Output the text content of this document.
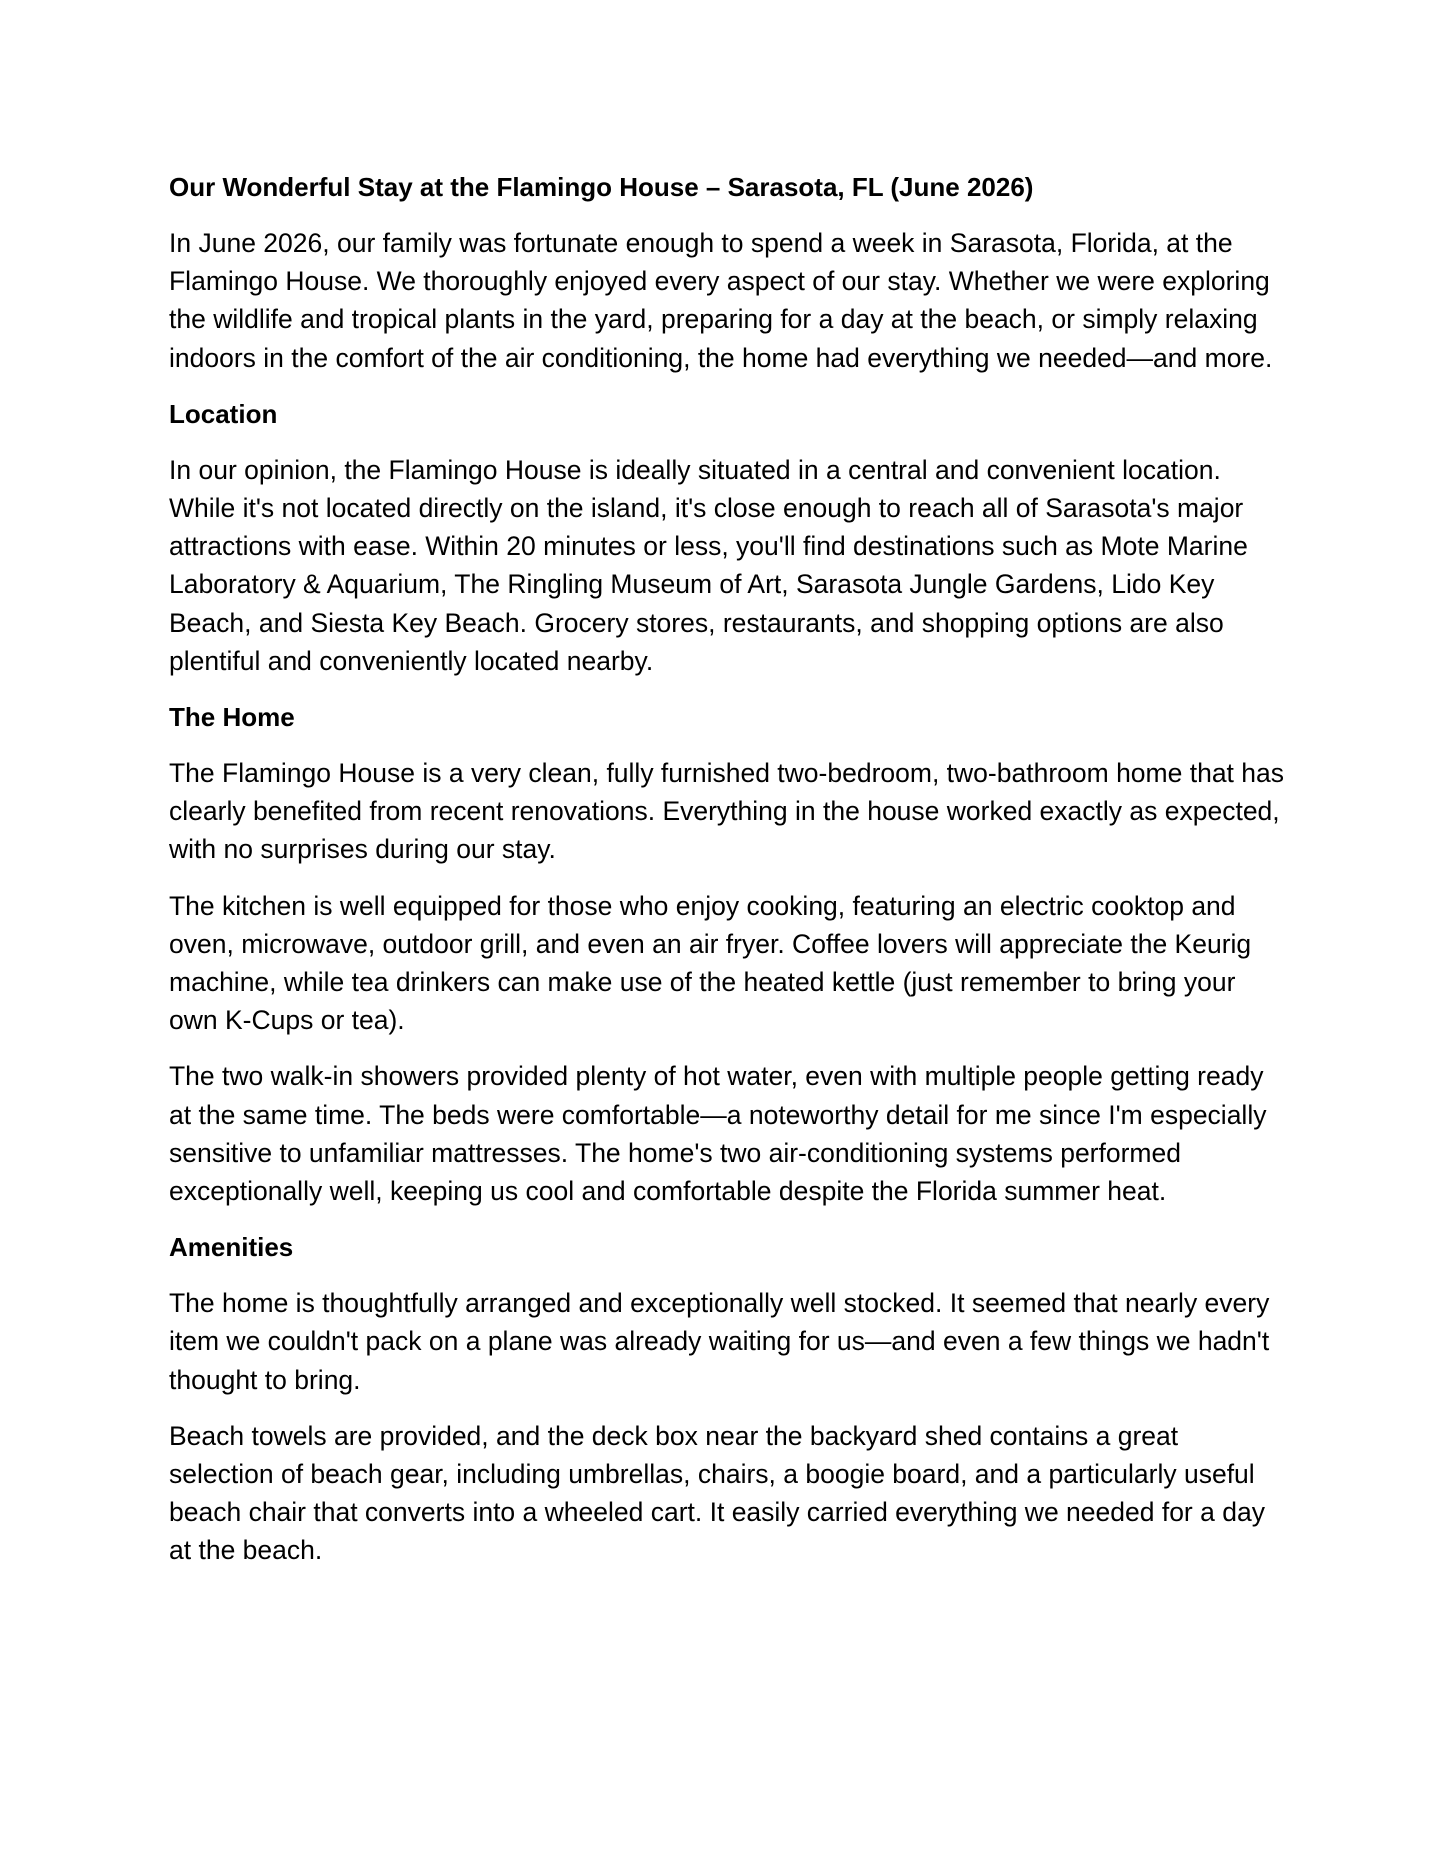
Our Wonderful Stay at the Flamingo House – Sarasota, FL (June 2026)

In June 2026, our family was fortunate enough to spend a week in Sarasota, Florida, at the Flamingo House. We thoroughly enjoyed every aspect of our stay. Whether we were exploring the wildlife and tropical plants in the yard, preparing for a day at the beach, or simply relaxing indoors in the comfort of the air conditioning, the home had everything we needed—and more.

Location

In our opinion, the Flamingo House is ideally situated in a central and convenient location. While it's not located directly on the island, it's close enough to reach all of Sarasota's major attractions with ease. Within 20 minutes or less, you'll find destinations such as Mote Marine Laboratory & Aquarium, The Ringling Museum of Art, Sarasota Jungle Gardens, Lido Key Beach, and Siesta Key Beach. Grocery stores, restaurants, and shopping options are also plentiful and conveniently located nearby.

The Home

The Flamingo House is a very clean, fully furnished two-bedroom, two-bathroom home that has clearly benefited from recent renovations. Everything in the house worked exactly as expected, with no surprises during our stay.

The kitchen is well equipped for those who enjoy cooking, featuring an electric cooktop and oven, microwave, outdoor grill, and even an air fryer. Coffee lovers will appreciate the Keurig machine, while tea drinkers can make use of the heated kettle (just remember to bring your own K-Cups or tea).

The two walk-in showers provided plenty of hot water, even with multiple people getting ready at the same time. The beds were comfortable—a noteworthy detail for me since I'm especially sensitive to unfamiliar mattresses. The home's two air-conditioning systems performed exceptionally well, keeping us cool and comfortable despite the Florida summer heat.

Amenities

The home is thoughtfully arranged and exceptionally well stocked. It seemed that nearly every item we couldn't pack on a plane was already waiting for us—and even a few things we hadn't thought to bring.

Beach towels are provided, and the deck box near the backyard shed contains a great selection of beach gear, including umbrellas, chairs, a boogie board, and a particularly useful beach chair that converts into a wheeled cart. It easily carried everything we needed for a day at the beach.
